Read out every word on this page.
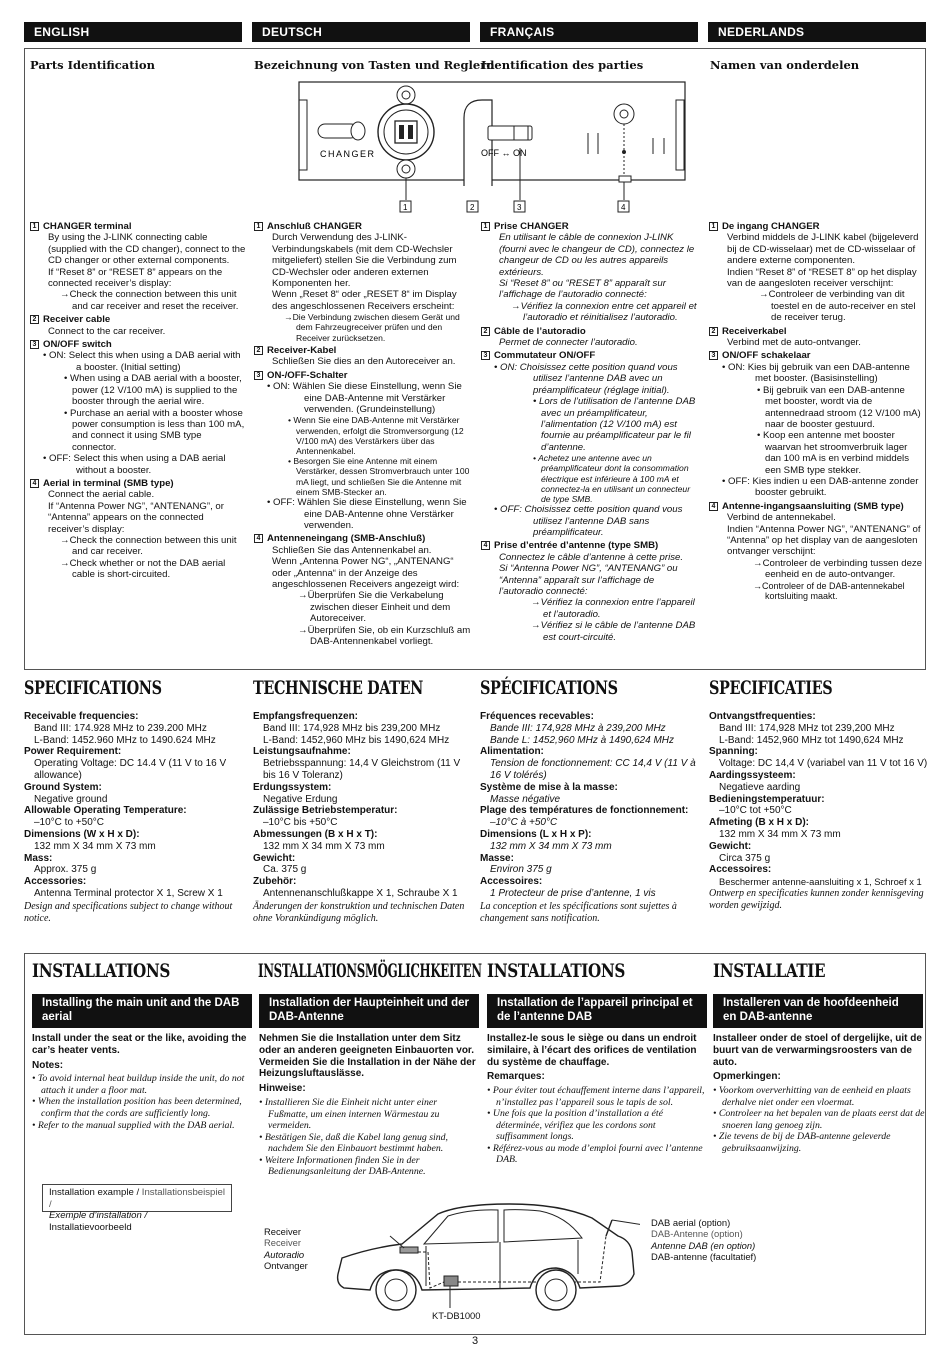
ENGLISH	DEUTSCH	FRANÇAIS	NEDERLANDS
Parts Identification	Bezeichnung von Tasten und Reglern
Identification des parties	Namen van onderdelen
CHANGER	OFF ↔ ON
1	2	3	4
1 CHANGER terminal
By using the J-LINK connecting cable (supplied with the CD changer), connect to the CD changer or other external components.
If “Reset 8” or “RESET 8” appears on the connected receiver’s display:
→ Check the connection between this unit and car receiver and reset the receiver.
2 Receiver cable
Connect to the car receiver.
3 ON/OFF switch
• ON: Select this when using a DAB aerial with a booster. (Initial setting)
• When using a DAB aerial with a booster, power (12 V/100 mA) is supplied to the booster through the aerial wire.
• Purchase an aerial with a booster whose power consumption is less than 100 mA, and connect it using SMB type connector.
• OFF: Select this when using a DAB aerial without a booster.
4 Aerial in terminal (SMB type)
Connect the aerial cable.
If “Antenna Power NG”, “ANTENANG”, or “Antenna” appears on the connected receiver’s display:
→ Check the connection between this unit and car receiver.
→ Check whether or not the DAB aerial cable is short-circuited.
1 Anschluß CHANGER
Durch Verwendung des J-LINK-Verbindungskabels (mit dem CD-Wechsler mitgeliefert) stellen Sie die Verbindung zum CD-Wechsler oder anderen externen Komponenten her.
Wenn „Reset 8“ oder „RESET 8“ im Display des angeschlossenen Receivers erscheint:
→ Die Verbindung zwischen diesem Gerät und dem Fahrzeugreceiver prüfen und den Receiver zurücksetzen.
2 Receiver-Kabel
Schließen Sie dies an den Autoreceiver an.
3 ON-/OFF-Schalter
• ON: Wählen Sie diese Einstellung, wenn Sie eine DAB-Antenne mit Verstärker verwenden. (Grundeinstellung)
• Wenn Sie eine DAB-Antenne mit Verstärker verwenden, erfolgt die Stromversorgung (12 V/100 mA) des Verstärkers über das Antennenkabel.
• Besorgen Sie eine Antenne mit einem Verstärker, dessen Stromverbrauch unter 100 mA liegt, und schließen Sie die Antenne mit einem SMB-Stecker an.
• OFF: Wählen Sie diese Einstellung, wenn Sie eine DAB-Antenne ohne Verstärker verwenden.
4 Antenneneingang (SMB-Anschluß)
Schließen Sie das Antennenkabel an.
Wenn „Antenna Power NG“, „ANTENANG“ oder „Antenna“ in der Anzeige des angeschlossenen Receivers angezeigt wird:
→ Überprüfen Sie die Verkabelung zwischen dieser Einheit und dem Autoreceiver.
→ Überprüfen Sie, ob ein Kurzschluß am DAB-Antennenkabel vorliegt.
1 Prise CHANGER
En utilisant le câble de connexion J-LINK (fourni avec le changeur de CD), connectez le changeur de CD ou les autres appareils extérieurs.
Si “Reset 8” ou “RESET 8” apparaît sur l’affichage de l’autoradio connecté:
→ Vérifiez la connexion entre cet appareil et l’autoradio et réinitialisez l’autoradio.
2 Câble de l’autoradio
Permet de connecter l’autoradio.
3 Commutateur ON/OFF
• ON: Choisissez cette position quand vous utilisez l’antenne DAB avec un préamplificateur (réglage initial).
• Lors de l’utilisation de l’antenne DAB avec un préamplificateur, l’alimentation (12 V/100 mA) est fournie au préamplificateur par le fil d’antenne.
• Achetez une antenne avec un préamplificateur dont la consommation électrique est inférieure à 100 mA et connectez-la en utilisant un connecteur de type SMB.
• OFF: Choisissez cette position quand vous utilisez l’antenne DAB sans préamplificateur.
4 Prise d’entrée d’antenne (type SMB)
Connectez le câble d’antenne à cette prise.
Si “Antenna Power NG”, “ANTENANG” ou “Antenna” apparaît sur l’affichage de l’autoradio connecté:
→ Vérifiez la connexion entre l’appareil et l’autoradio.
→ Vérifiez si le câble de l’antenne DAB est court-circuité.
1 De ingang CHANGER
Verbind middels de J-LINK kabel (bijgeleverd bij de CD-wisselaar) met de CD-wisselaar of andere externe componenten.
Indien “Reset 8” of “RESET 8” op het display van de aangesloten receiver verschijnt:
→ Controleer de verbinding van dit toestel en de auto-receiver en stel de receiver terug.
2 Receiverkabel
Verbind met de auto-ontvanger.
3 ON/OFF schakelaar
• ON: Kies bij gebruik van een DAB-antenne met booster. (Basisinstelling)
• Bij gebruik van een DAB-antenne met booster, wordt via de antennedraad stroom (12 V/100 mA) naar de booster gestuurd.
• Koop een antenne met booster waarvan het stroomverbruik lager dan 100 mA is en verbind middels een SMB type stekker.
• OFF: Kies indien u een DAB-antenne zonder booster gebruikt.
4 Antenne-ingangsaansluiting (SMB type)
Verbind de antennekabel.
Indien “Antenna Power NG”, “ANTENANG” of “Antenna” op het display van de aangesloten ontvanger verschijnt:
→ Controleer de verbinding tussen deze eenheid en de auto-ontvanger.
→ Controleer of de DAB-antennekabel kortsluiting maakt.
SPECIFICATIONS	TECHNISCHE DATEN	SPÉCIFICATIONS	SPECIFICATIES
Receivable frequencies:
Band III: 174.928 MHz to 239.200 MHz
L-Band: 1452.960 MHz to 1490.624 MHz
Power Requirement:
Operating Voltage: DC 14.4 V (11 V to 16 V allowance)
Ground System:
Negative ground
Allowable Operating Temperature:
–10°C to +50°C
Dimensions (W x H x D):
132 mm X 34 mm X 73 mm
Mass:
Approx. 375 g
Accessories:
Antenna Terminal protector X 1, Screw X 1
Design and specifications subject to change without notice.
Empfangsfrequenzen:
Band III: 174,928 MHz bis 239,200 MHz
L-Band: 1452,960 MHz bis 1490,624 MHz
Leistungsaufnahme:
Betriebsspannung: 14,4 V Gleichstrom (11 V bis 16 V Toleranz)
Erdungssystem:
Negative Erdung
Zulässige Betriebstemperatur:
–10°C bis +50°C
Abmessungen (B x H x T):
132 mm X 34 mm X 73 mm
Gewicht:
Ca. 375 g
Zubehör:
Antennenanschlußkappe X 1, Schraube X 1
Änderungen der konstruktion und technischen Daten ohne Vorankündigung möglich.
Fréquences recevables:
Bande III: 174,928 MHz à 239,200 MHz
Bande L: 1452,960 MHz à 1490,624 MHz
Alimentation:
Tension de fonctionnement: CC 14,4 V (11 V à 16 V tolérés)
Système de mise à la masse:
Masse négative
Plage des températures de fonctionnement:
–10°C à +50°C
Dimensions (L x H x P):
132 mm X 34 mm X 73 mm
Masse:
Environ 375 g
Accessoires:
1 Protecteur de prise d’antenne, 1 vis
La conception et les spécifications sont sujettes à changement sans notification.
Ontvangstfrequenties:
Band III: 174,928 MHz tot 239,200 MHz
L-Band: 1452,960 MHz tot 1490,624 MHz
Spanning:
Voltage: DC 14,4 V (variabel van 11 V tot 16 V)
Aardingssysteem:
Negatieve aarding
Bedieningstemperatuur:
–10°C tot +50°C
Afmeting (B x H x D):
132 mm X 34 mm X 73 mm
Gewicht:
Circa 375 g
Accessoires:
Beschermer antenne-aansluiting x 1, Schroef x 1
Ontwerp en specificaties kunnen zonder kennisgeving worden gewijzigd.
INSTALLATIONS	INSTALLATIONSMÖGLICHKEITEN INSTALLATIONS	INSTALLATIE
Installing the main unit and the DAB aerial
Installation der Haupteinheit und der DAB-Antenne
Installation de l’appareil principal et de l’antenne DAB
Installeren van de hoofdeenheid en DAB-antenne
Install under the seat or the like, avoiding the car’s heater vents.
Notes:
• To avoid internal heat buildup inside the unit, do not attach it under a floor mat.
• When the installation position has been determined, confirm that the cords are sufficiently long.
• Refer to the manual supplied with the DAB aerial.
Nehmen Sie die Installation unter dem Sitz oder an anderen geeigneten Einbauorten vor. Vermeiden Sie die Installation in der Nähe der Heizungsluftauslässe.
Hinweise:
• Installieren Sie die Einheit nicht unter einer Fußmatte, um einen internen Wärmestau zu vermeiden.
• Bestätigen Sie, daß die Kabel lang genug sind, nachdem Sie den Einbauort bestimmt haben.
• Weitere Informationen finden Sie in der Bedienungsanleitung der DAB-Antenne.
Installez-le sous le siège ou dans un endroit similaire, à l’écart des orifices de ventilation du système de chauffage.
Remarques:
• Pour éviter tout échauffement interne dans l’appareil, n’installez pas l’appareil sous le tapis de sol.
• Une fois que la position d’installation a été déterminée, vérifiez que les cordons sont suffisamment longs.
• Référez-vous au mode d’emploi fourni avec l’antenne DAB.
Installeer onder de stoel of dergelijke, uit de buurt van de verwarmingsroosters van de auto.
Opmerkingen:
• Voorkom oververhitting van de eenheid en plaats derhalve niet onder een vloermat.
• Controleer na het bepalen van de plaats eerst dat de snoeren lang genoeg zijn.
• Zie tevens de bij de DAB-antenne geleverde gebruiksaanwijzing.
Installation example / Installationsbeispiel /
Exemple d’installation / Installatievoorbeeld	Receiver
Receiver
Autoradio
Ontvanger
DAB aerial (option)
DAB-Antenne (option)
Antenne DAB (en option)
DAB-antenne (facultatief)
KT-DB1000
3
